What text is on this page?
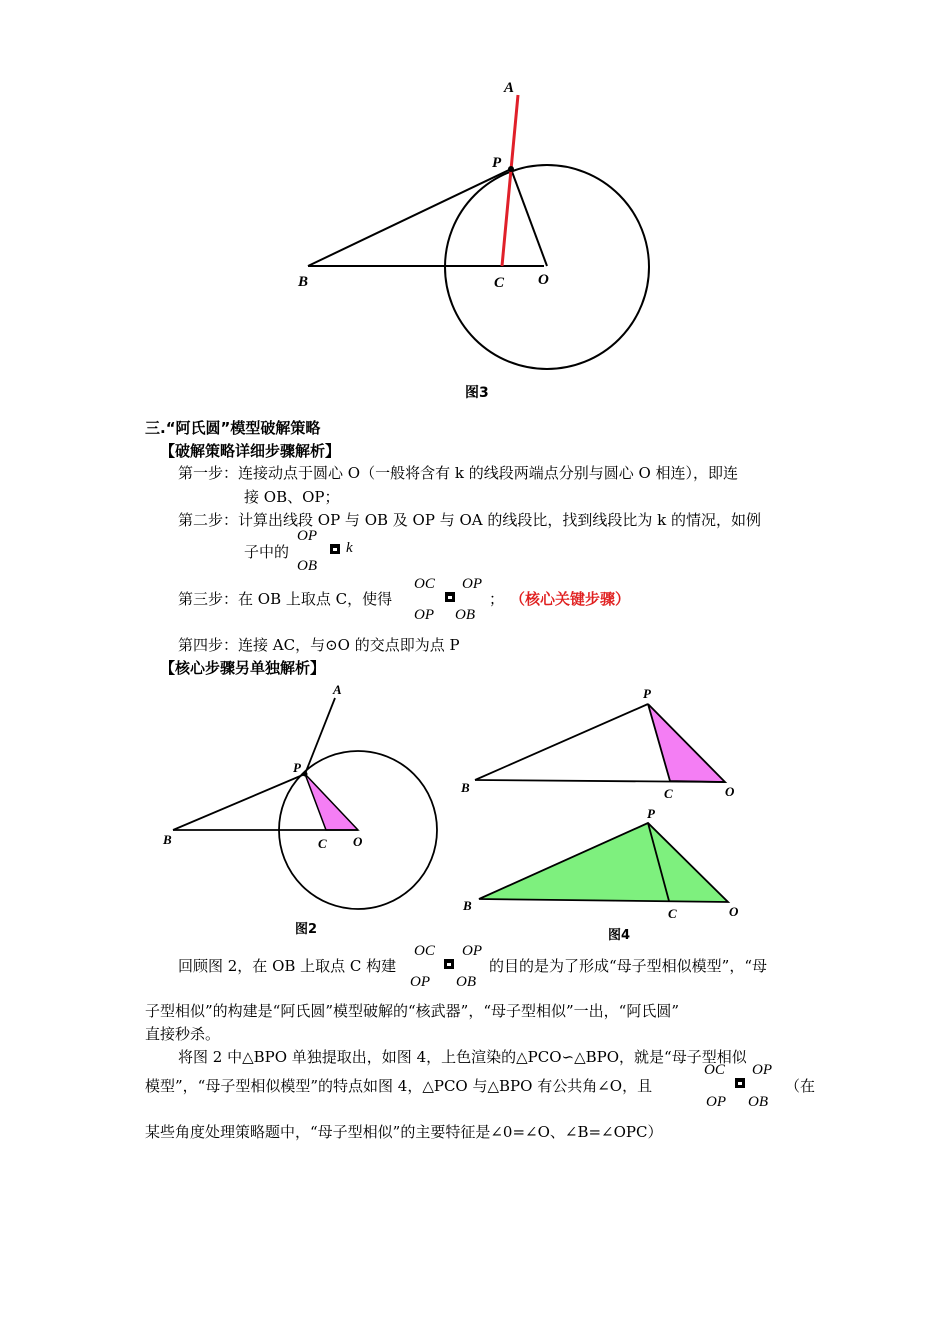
A
P
B	C O
图3
三.“阿氏圆”模型破解策略
【破解策略详细步骤解析】
第一步：连接动点于圆心 O（一般将含有 k 的线段两端点分别与圆心 O 相连），即连
接 OB、OP；
第二步：计算出线段 OP 与 OB 及 OP 与 OA 的线段比，找到线段比为 k 的情况，如例
子中的
OP
OB
k
第三步：在 OB 上取点 C，使得
OC
OP
OP
OB
； （核心关键步骤）
第四步：连接 AC，与⊙O 的交点即为点 P
【核心步骤另单独解析】
A
P
B	C O
图2
P
B	C	O
P
B
C	O
图4
回顾图 2，在 OB 上取点 C 构建
OC
OP
OP
OB
的目的是为了形成“母子型相似模型”，“母
子型相似”的构建是“阿氏圆”模型破解的“核武器”，“母子型相似”一出，“阿氏圆”
直接秒杀。
将图 2 中△BPO 单独提取出，如图 4，上色渲染的△PCO∽△BPO，就是“母子型相似
模型”，“母子型相似模型”的特点如图 4，△PCO 与△BPO 有公共角∠O，且
OC
OP
OP
OB
（在
某些角度处理策略题中，“母子型相似”的主要特征是∠0=∠O、∠B=∠OPC）
